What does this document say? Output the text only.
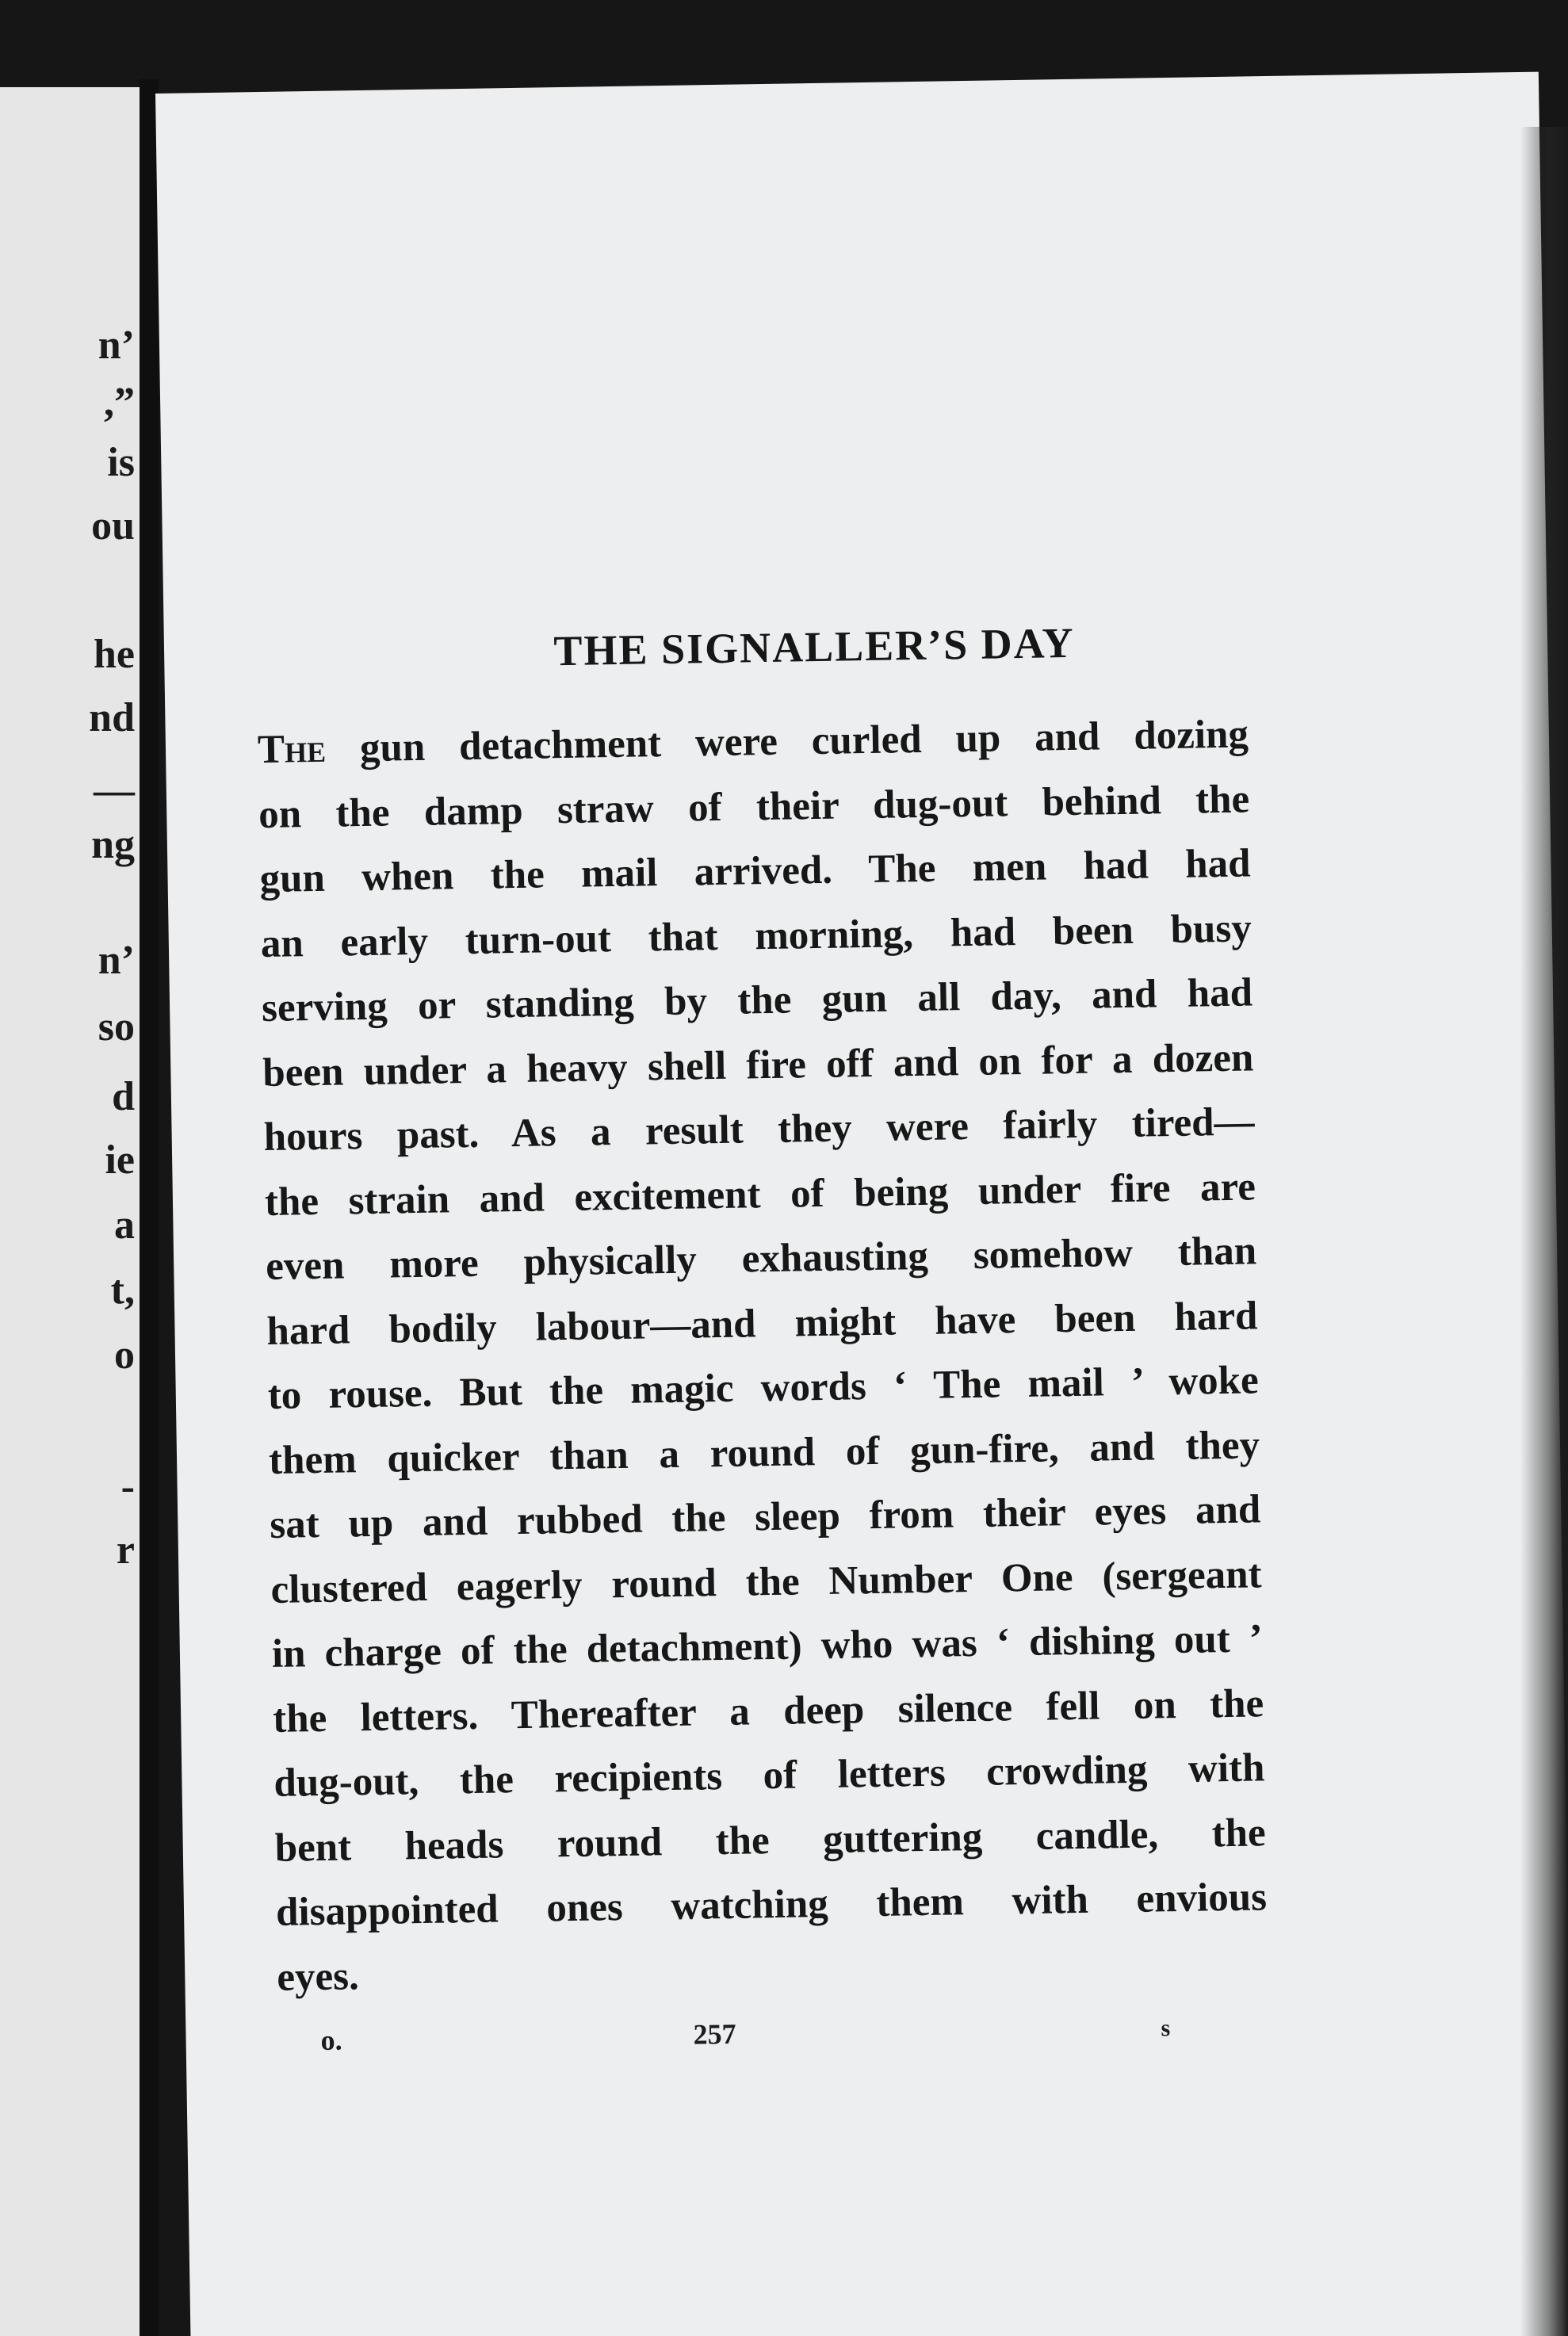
n’
,”
is
ou
he
nd
—
ng
n’
so
d
ie
a
t,
o
-
r
THE SIGNALLER’S DAY

The gun detachment were curled up and dozing
on the damp straw of their dug-out behind the
gun when the mail arrived. The men had had
an early turn-out that morning, had been busy
serving or standing by the gun all day, and had
been under a heavy shell fire off and on for a dozen
hours past. As a result they were fairly tired—
the strain and excitement of being under fire are
even more physically exhausting somehow than
hard bodily labour—and might have been hard
to rouse. But the magic words ‘ The mail ’ woke
them quicker than a round of gun-fire, and they
sat up and rubbed the sleep from their eyes and
clustered eagerly round the Number One (sergeant
in charge of the detachment) who was ‘ dishing out ’
the letters. Thereafter a deep silence fell on the
dug-out, the recipients of letters crowding with
bent heads round the guttering candle, the
disappointed ones watching them with envious
eyes.

o.	257	s
